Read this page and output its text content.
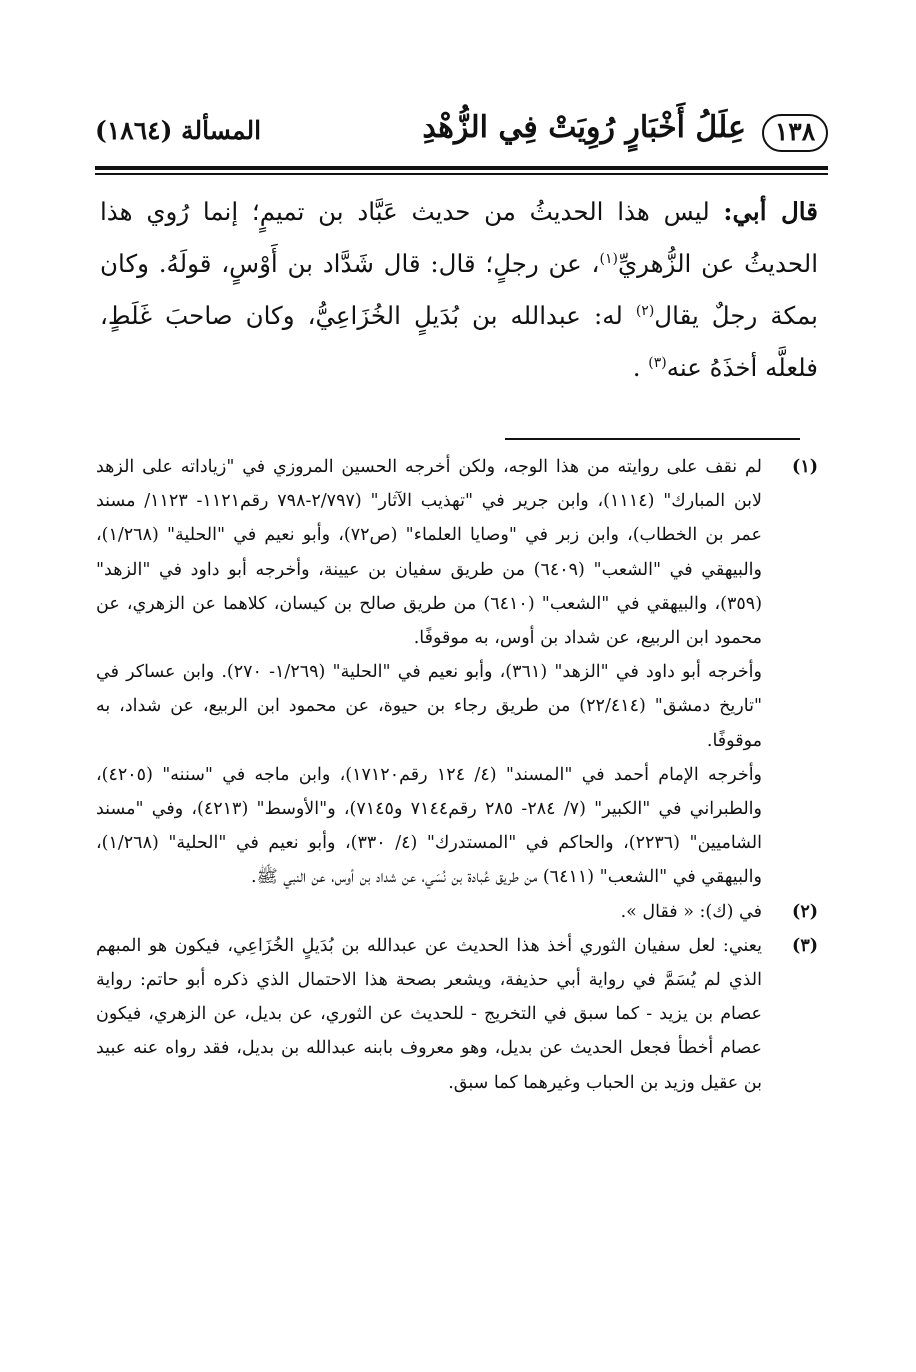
١٣٨
عِلَلُ أَخْبَارٍ رُوِيَتْ فِي الزُّهْدِ
المسألة (١٨٦٤)

قال أبي: ليس هذا الحديثُ من حديث عَبَّاد بن تميمٍ؛ إنما رُوي هذا الحديثُ عن الزُّهريِّ$^{(١)}$، عن رجلٍ؛ قال: قال شَدَّاد بن أَوْسٍ، قولَهُ. وكان بمكة رجلٌ يقال$^{(٢)}$ له: عبدالله بن بُدَيلٍ الخُزَاعِيُّ، وكان صاحبَ غَلَطٍ، فلعلَّه أخذَهُ عنه$^{(٣)}$ .

(١)

لم نقف على روايته من هذا الوجه، ولكن أخرجه الحسين المروزي في "زياداته على الزهد لابن المبارك" (١١١٤)، وابن جرير في "تهذيب الآثار" (٢/٧٩٧-٧٩٨ رقم١١٢١- ١١٢٣/ مسند عمر بن الخطاب)، وابن زبر في "وصايا العلماء" (ص٧٢)، وأبو نعيم في "الحلية" (١/٢٦٨)، والبيهقي في "الشعب" (٦٤٠٩) من طريق سفيان بن عيينة، وأخرجه أبو داود في "الزهد" (٣٥٩)، والبيهقي في "الشعب" (٦٤١٠) من طريق صالح بن كيسان، كلاهما عن الزهري، عن محمود ابن الربيع، عن شداد بن أوس، به موقوفًا.

وأخرجه أبو داود في "الزهد" (٣٦١)، وأبو نعيم في "الحلية" (١/٢٦٩- ٢٧٠). وابن عساكر في "تاريخ دمشق" (٢٢/٤١٤) من طريق رجاء بن حيوة، عن محمود ابن الربيع، عن شداد، به موقوفًا.

وأخرجه الإمام أحمد في "المسند" (٤/ ١٢٤ رقم١٧١٢٠)، وابن ماجه في "سننه" (٤٢٠٥)، والطبراني في "الكبير" (٧/ ٢٨٤- ٢٨٥ رقم٧١٤٤ و٧١٤٥)، و"الأوسط" (٤٢١٣)، وفي "مسند الشاميين" (٢٢٣٦)، والحاكم في "المستدرك" (٤/ ٣٣٠)، وأبو نعيم في "الحلية" (١/٢٦٨)، والبيهقي في "الشعب" (٦٤١١) من طريق عُبادة بن نُسَي، عن شداد بن أوس، عن النبي ﷺ.

(٢)

في (ك): « فقال ».

(٣)

يعني: لعل سفيان الثوري أخذ هذا الحديث عن عبدالله بن بُدَيلٍ الخُزَاعِي، فيكون هو المبهم الذي لم يُسَمَّ في رواية أبي حذيفة، ويشعر بصحة هذا الاحتمال الذي ذكره أبو حاتم: رواية عصام بن يزيد - كما سبق في التخريج - للحديث عن الثوري، عن بديل، عن الزهري، فيكون عصام أخطأ فجعل الحديث عن بديل، وهو معروف بابنه عبدالله بن بديل، فقد رواه عنه عبيد بن عقيل وزيد بن الحباب وغيرهما كما سبق.
